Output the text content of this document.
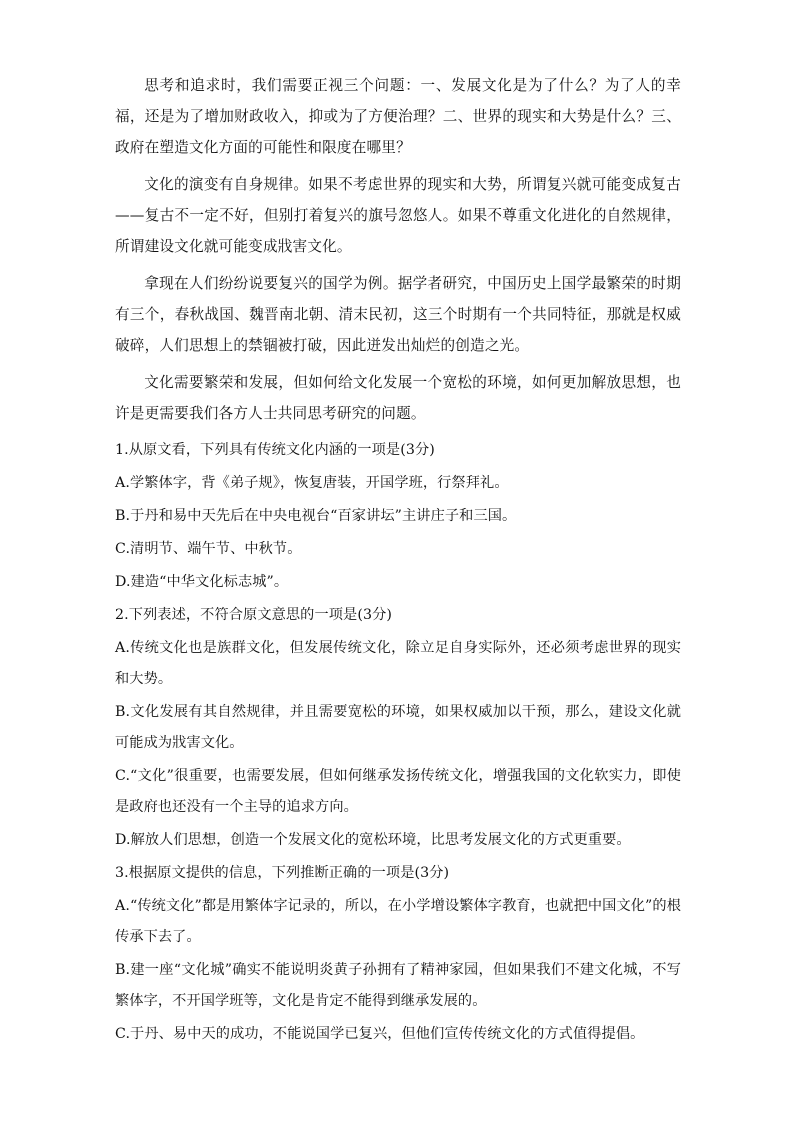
思考和追求时，我们需要正视三个问题：一、发展文化是为了什么？为了人的幸福，还是为了增加财政收入，抑或为了方便治理？二、世界的现实和大势是什么？三、政府在塑造文化方面的可能性和限度在哪里？

文化的演变有自身规律。如果不考虑世界的现实和大势，所谓复兴就可能变成复古——复古不一定不好，但别打着复兴的旗号忽悠人。如果不尊重文化进化的自然规律，所谓建设文化就可能变成戕害文化。

拿现在人们纷纷说要复兴的国学为例。据学者研究，中国历史上国学最繁荣的时期有三个，春秋战国、魏晋南北朝、清末民初，这三个时期有一个共同特征，那就是权威破碎，人们思想上的禁锢被打破，因此迸发出灿烂的创造之光。

文化需要繁荣和发展，但如何给文化发展一个宽松的环境，如何更加解放思想，也许是更需要我们各方人士共同思考研究的问题。

1.从原文看，下列具有传统文化内涵的一项是(3分)

A.学繁体字，背《弟子规》，恢复唐装，开国学班，行祭拜礼。

B.于丹和易中天先后在中央电视台“百家讲坛”主讲庄子和三国。

C.清明节、端午节、中秋节。

D.建造“中华文化标志城”。

2.下列表述，不符合原文意思的一项是(3分)

A.传统文化也是族群文化，但发展传统文化，除立足自身实际外，还必须考虑世界的现实和大势。

B.文化发展有其自然规律，并且需要宽松的环境，如果权威加以干预，那么，建设文化就可能成为戕害文化。

C.“文化”很重要，也需要发展，但如何继承发扬传统文化，增强我国的文化软实力，即使是政府也还没有一个主导的追求方向。

D.解放人们思想，创造一个发展文化的宽松环境，比思考发展文化的方式更重要。

3.根据原文提供的信息，下列推断正确的一项是(3分)

A.“传统文化”都是用繁体字记录的，所以，在小学增设繁体字教育，也就把中国文化”的根传承下去了。

B.建一座“文化城”确实不能说明炎黄子孙拥有了精神家园，但如果我们不建文化城，不写繁体字，不开国学班等，文化是肯定不能得到继承发展的。

C.于丹、易中天的成功，不能说国学已复兴，但他们宣传传统文化的方式值得提倡。
